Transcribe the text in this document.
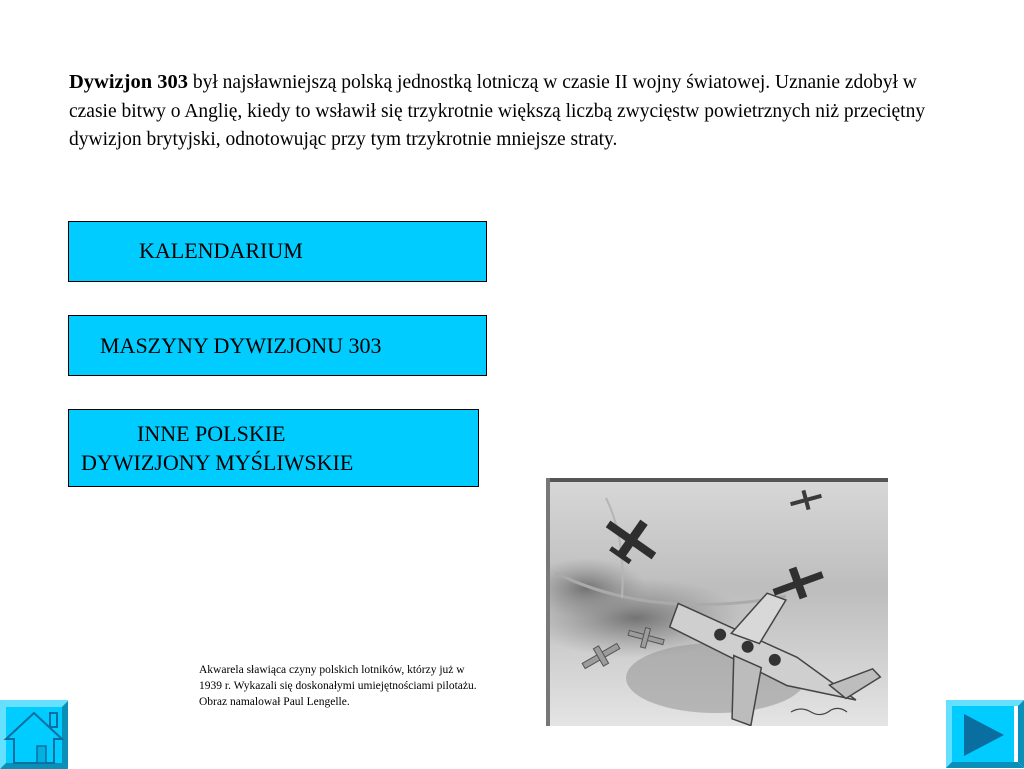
Dywizjon 303 był najsławniejszą polską jednostką lotniczą w czasie II wojny światowej. Uznanie zdobył w czasie bitwy o Anglię, kiedy to wsławił się trzykrotnie większą liczbą zwycięstw powietrznych niż przeciętny dywizjon brytyjski, odnotowując przy tym trzykrotnie mniejsze straty.
KALENDARIUM
MASZYNY DYWIZJONU 303
INNE POLSKIE
DYWIZJONY MYŚLIWSKIE
Akwarela sławiąca czyny polskich lotników, którzy już w
1939 r. Wykazali się doskonałymi umiejętnościami pilotażu.
Obraz namalował Paul Lengelle.
